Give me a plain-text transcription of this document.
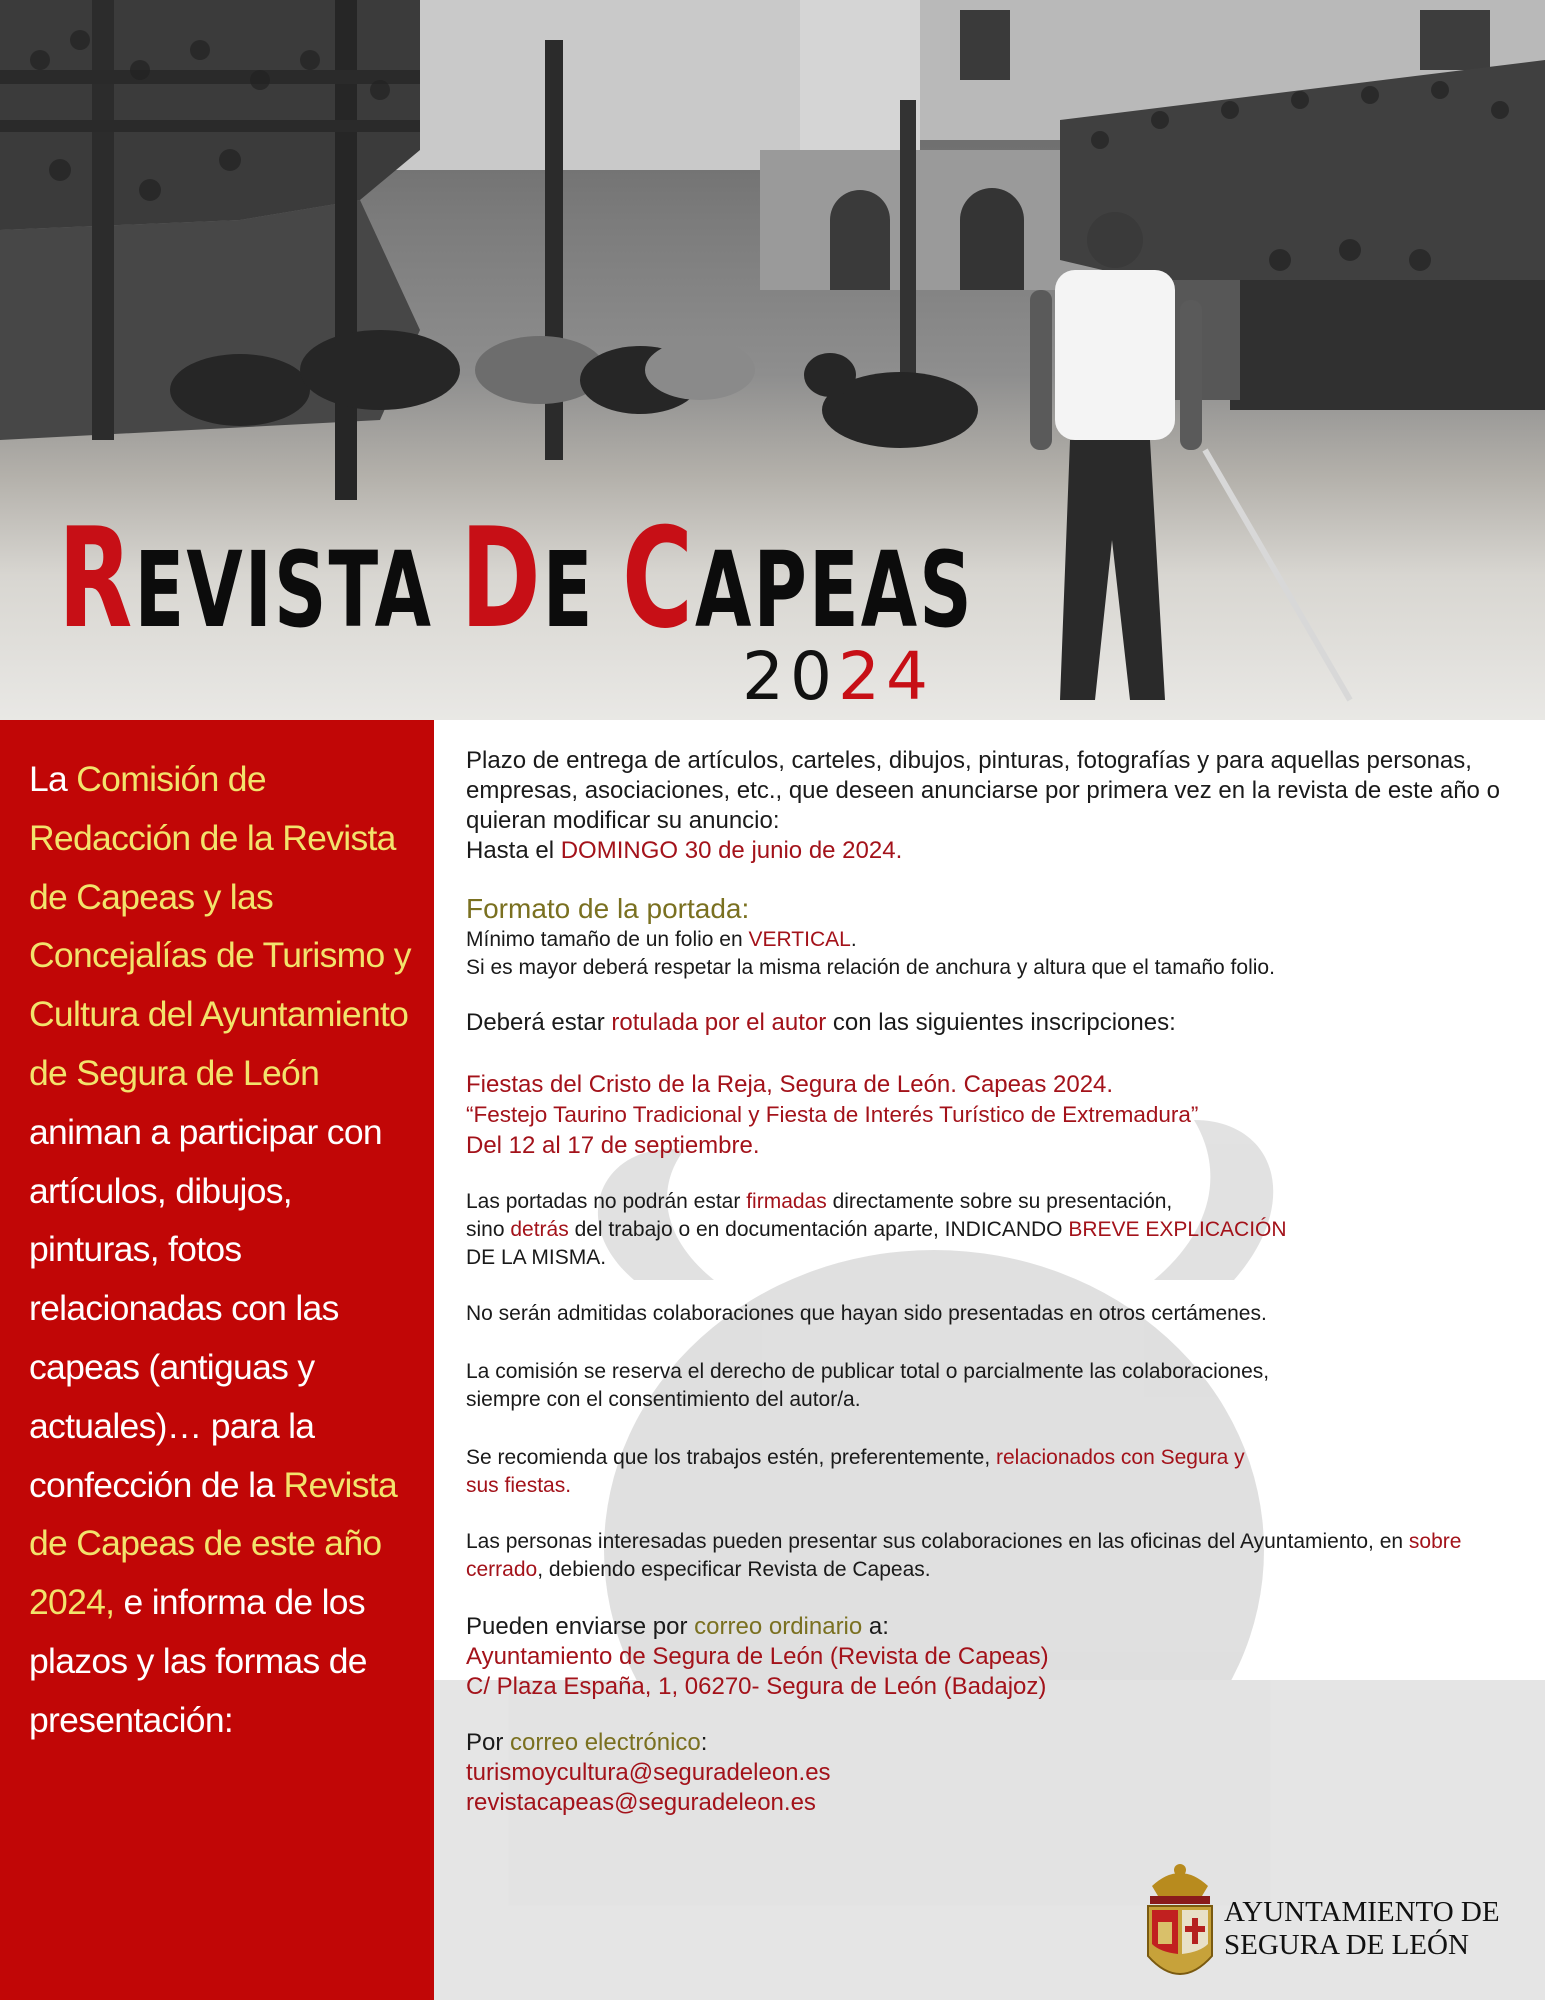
REVISTA DE CAPEAS
2024

La Comisión de Redacción de la Revista de Capeas y las Concejalías de Turismo y Cultura del Ayuntamiento de Segura de León animan a participar con artículos, dibujos, pinturas, fotos relacionadas con las capeas (antiguas y actuales)… para la confección de la Revista de Capeas de este año 2024, e informa de los plazos y las formas de presentación:

Plazo de entrega de artículos, carteles, dibujos, pinturas, fotografías y para aquellas personas, empresas, asociaciones, etc., que deseen anunciarse por primera vez en la revista de este año o quieran modificar su anuncio:
Hasta el DOMINGO 30 de junio de 2024.

Formato de la portada:

Mínimo tamaño de un folio en VERTICAL.
Si es mayor deberá respetar la misma relación de anchura y altura que el tamaño folio.

Deberá estar rotulada por el autor con las siguientes inscripciones:

Fiestas del Cristo de la Reja, Segura de León. Capeas 2024.

“Festejo Taurino Tradicional y Fiesta de Interés Turístico de Extremadura”

Del 12 al 17 de septiembre.

Las portadas no podrán estar firmadas directamente sobre su presentación,
sino detrás del trabajo o en documentación aparte, INDICANDO BREVE EXPLICACIÓN
DE LA MISMA.

No serán admitidas colaboraciones que hayan sido presentadas en otros certámenes.

La comisión se reserva el derecho de publicar total o parcialmente las colaboraciones,
siempre con el consentimiento del autor/a.

Se recomienda que los trabajos estén, preferentemente, relacionados con Segura y
sus fiestas.

Las personas interesadas pueden presentar sus colaboraciones en las oficinas del Ayuntamiento, en sobre cerrado, debiendo especificar Revista de Capeas.

Pueden enviarse por correo ordinario a:

Ayuntamiento de Segura de León (Revista de Capeas)

C/ Plaza España, 1, 06270- Segura de León (Badajoz)

Por correo electrónico:

turismoycultura@seguradeleon.es

revistacapeas@seguradeleon.es

AYUNTAMIENTO DE
SEGURA DE LEÓN
